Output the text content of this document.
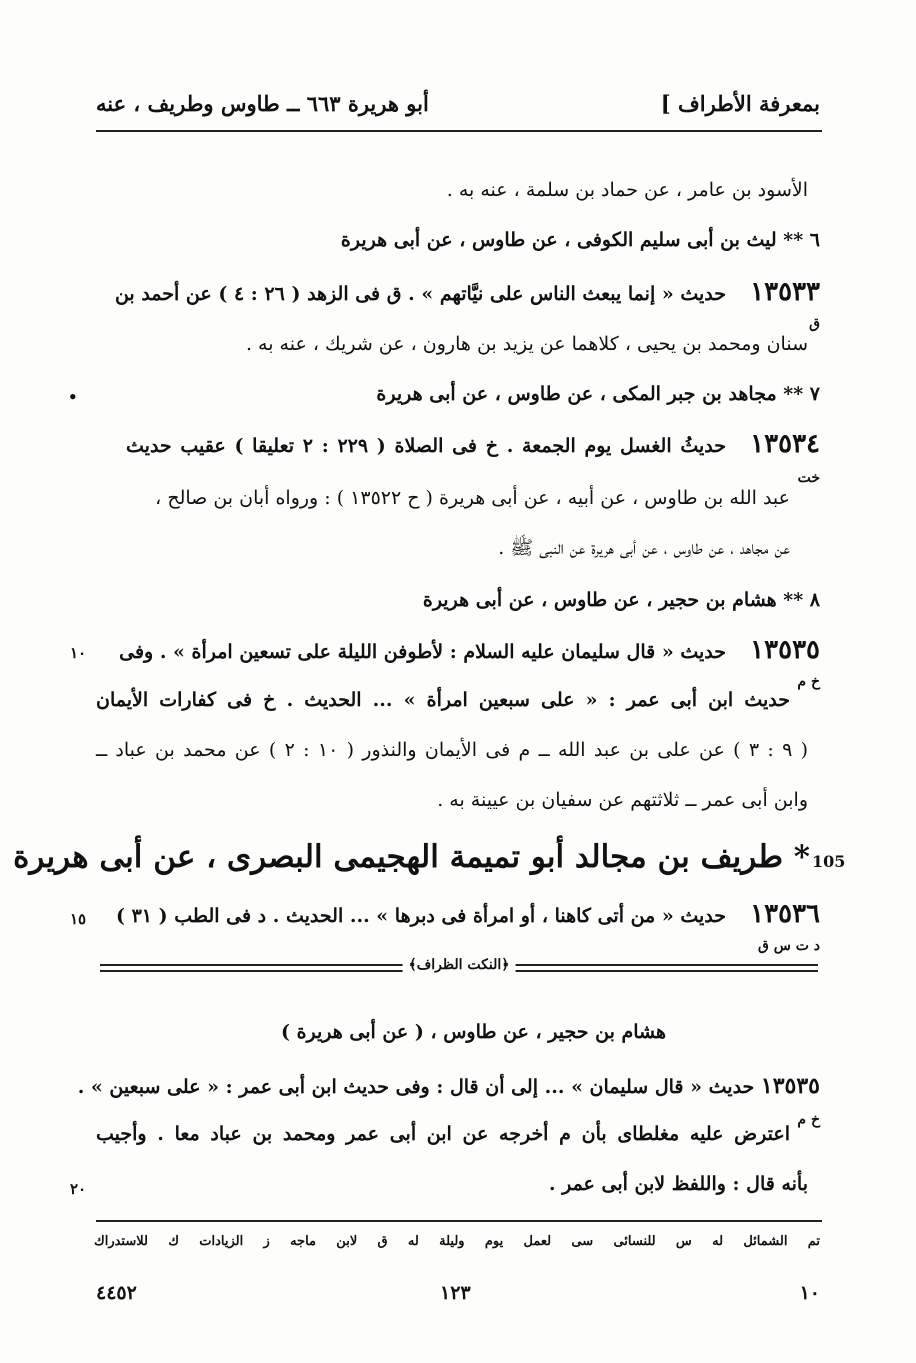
بمعرفة الأطراف ]
أبو هريرة ٦٦٣ ــ طاوس وطريف ، عنه
الأسود بن عامر ، عن حماد بن سلمة ، عنه به .
٦ ** ليث بن أبى سليم الكوفى ، عن طاوس ، عن أبى هريرة
١٣٥٣٣
حديث « إنما يبعث الناس على نيَّاتهم » . ق فى الزهد ( ٢٦ : ٤ ) عن أحمد بن
ق
سنان ومحمد بن يحيى ، كلاهما عن يزيد بن هارون ، عن شريك ، عنه به .
٧ ** مجاهد بن جبر المكى ، عن طاوس ، عن أبى هريرة
•
١٣٥٣٤
حديثُ الغسل يوم الجمعة . خ فى الصلاة ( ٢٢٩ : ٢ تعليقا ) عقيب حديث
خت
عبد الله بن طاوس ، عن أبيه ، عن أبى هريرة ( ح ١٣٥٢٢ ) : ورواه أبان بن صالح ،
عن مجاهد ، عن طاوس ، عن أبى هريرة عن النبى ﷺ .
٨ ** هشام بن حجير ، عن طاوس ، عن أبى هريرة
١٣٥٣٥
حديث « قال سليمان عليه السلام : لأطوفن الليلة على تسعين امرأة » . وفى
١٠
خ م
حديث ابن أبى عمر : « على سبعين امرأة » ... الحديث . خ فى كفارات الأيمان
( ٩ : ٣ ) عن على بن عبد الله ــ م فى الأيمان والنذور ( ١٠ : ٢ ) عن محمد بن عباد ــ
وابن أبى عمر ــ ثلاثتهم عن سفيان بن عيينة به .
105
* طريف بن مجالد أبو تميمة الهجيمى البصرى ، عن أبى هريرة
١٣٥٣٦
حديث « من أتى كاهنا ، أو امرأة فى دبرها » ... الحديث . د فى الطب ( ٣١ )
١٥
د ت س ق
﴿النكت الظراف﴾
هشام بن حجير ، عن طاوس ، ( عن أبى هريرة )
١٣٥٣٥ حديث « قال سليمان » ... إلى أن قال : وفى حديث ابن أبى عمر : « على سبعين » .
خ م
اعترض عليه مغلطاى بأن م أخرجه عن ابن أبى عمر ومحمد بن عباد معا . وأجيب
بأنه قال : واللفظ لابن أبى عمر .
٢٠
تم الشمائل له س للنسائى سى لعمل يوم وليلة له ق لابن ماجه ز الزيادات ك للاستدراك
١٠
١٢٣
٤٤٥٢
